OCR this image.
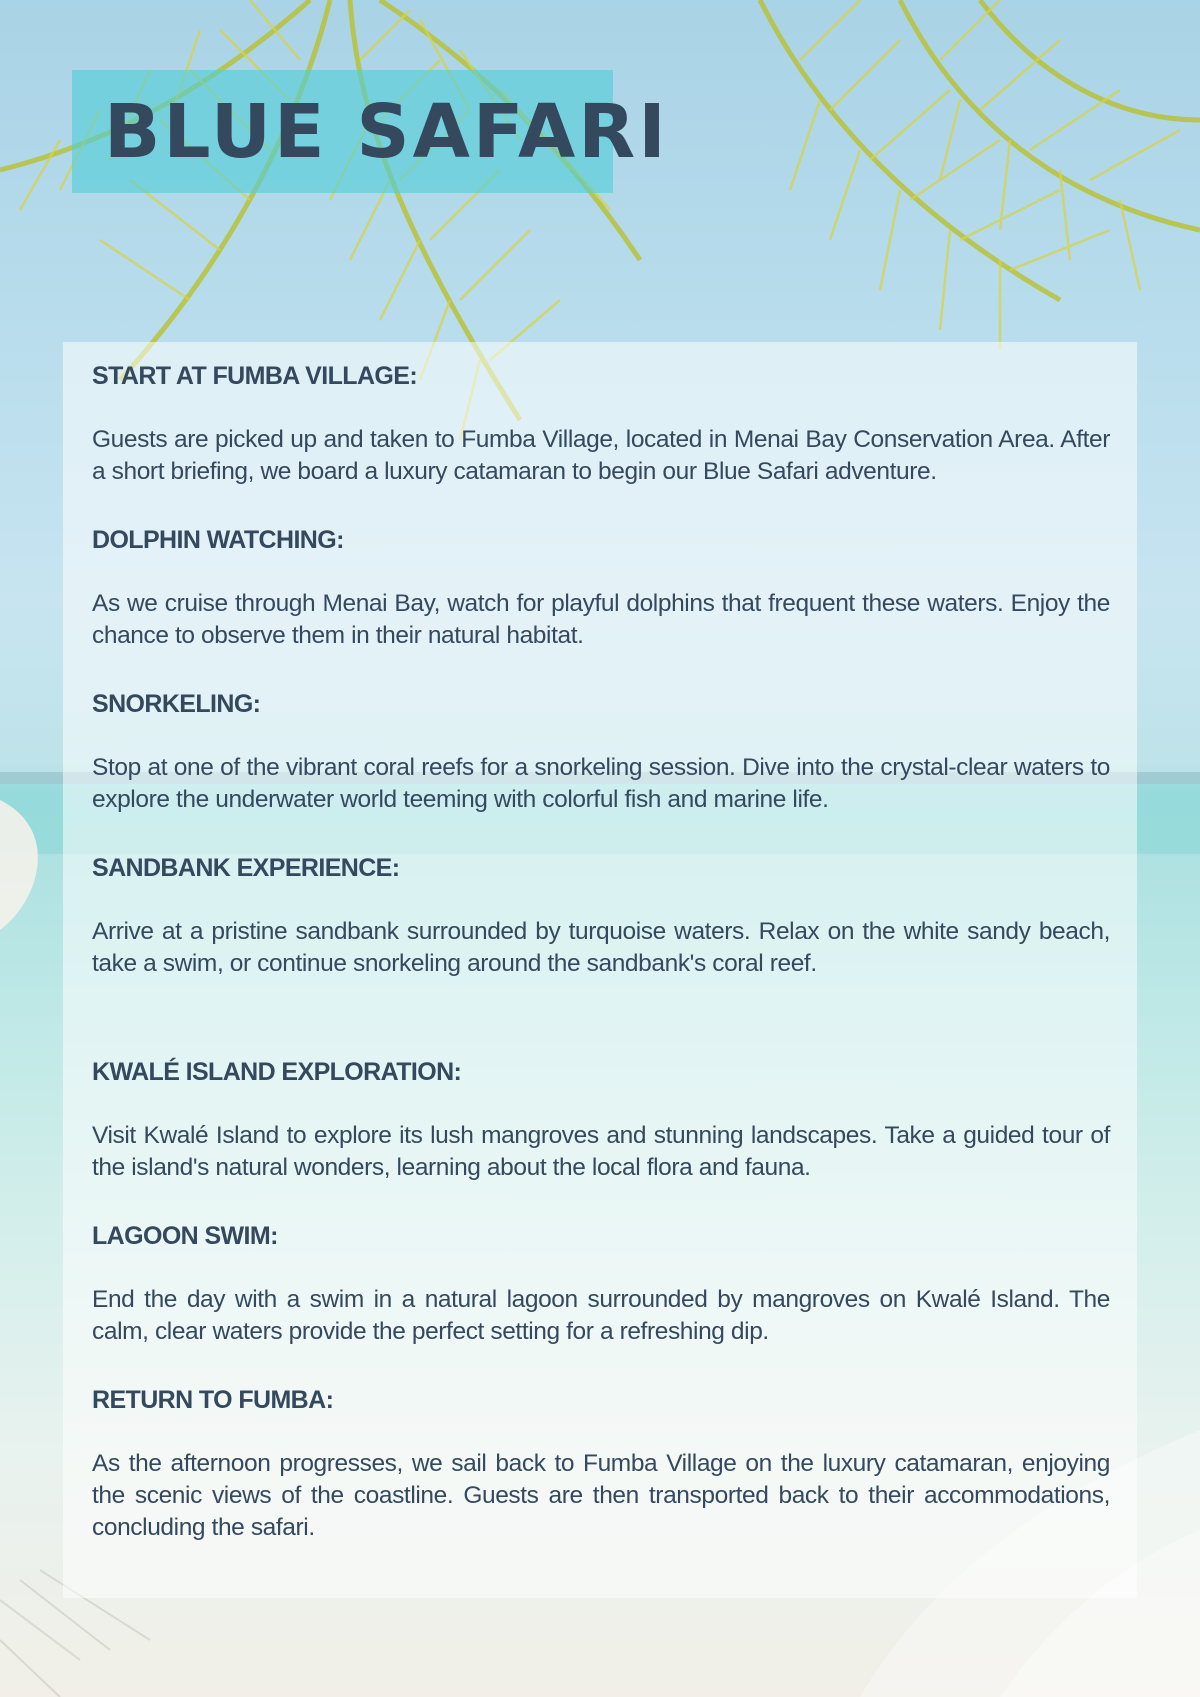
BLUE SAFARI
START AT FUMBA VILLAGE:

Guests are picked up and taken to Fumba Village, located in Menai Bay Conservation Area. After a short briefing, we board a luxury catamaran to begin our Blue Safari adventure.

DOLPHIN WATCHING:

As we cruise through Menai Bay, watch for playful dolphins that frequent these waters. Enjoy the chance to observe them in their natural habitat.

SNORKELING:

Stop at one of the vibrant coral reefs for a snorkeling session. Dive into the crystal-clear waters to explore the underwater world teeming with colorful fish and marine life.

SANDBANK EXPERIENCE:

Arrive at a pristine sandbank surrounded by turquoise waters. Relax on the white sandy beach, take a swim, or continue snorkeling around the sandbank's coral reef.

KWALÉ ISLAND EXPLORATION:

Visit Kwalé Island to explore its lush mangroves and stunning landscapes. Take a guided tour of the island's natural wonders, learning about the local flora and fauna.

LAGOON SWIM:

End the day with a swim in a natural lagoon surrounded by mangroves on Kwalé Island. The calm, clear waters provide the perfect setting for a refreshing dip.

RETURN TO FUMBA:

As the afternoon progresses, we sail back to Fumba Village on the luxury catamaran, enjoying the scenic views of the coastline. Guests are then transported back to their accommodations, concluding the safari.
